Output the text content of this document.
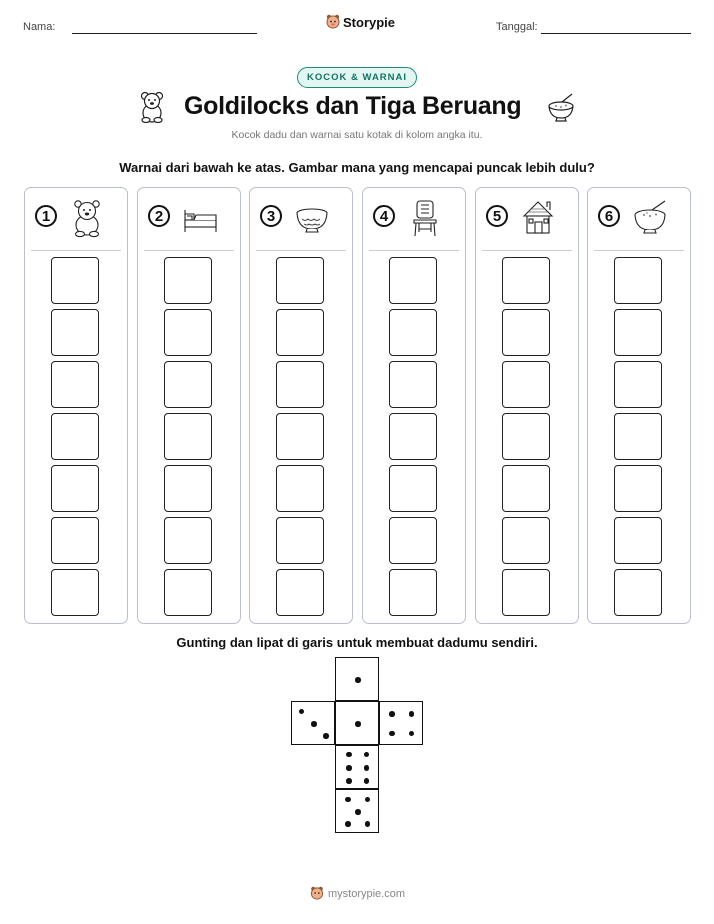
Nama:	Storypie	Tanggal:
KOCOK & WARNAI
Goldilocks dan Tiga Beruang
Kocok dadu dan warnai satu kotak di kolom angka itu.
Warnai dari bawah ke atas. Gambar mana yang mencapai puncak lebih dulu?
1	2	3	4	5	6
Gunting dan lipat di garis untuk membuat dadumu sendiri.
mystorypie.com
